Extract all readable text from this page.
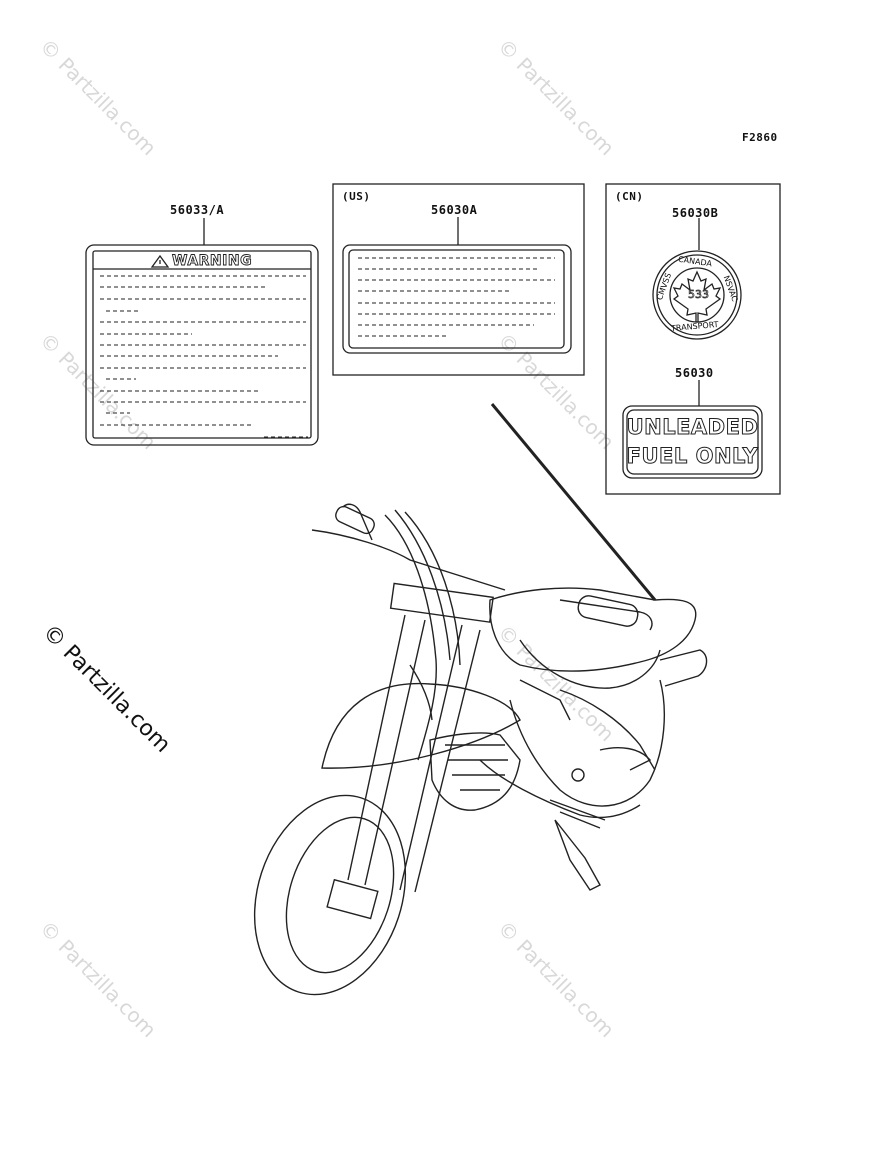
© Partzilla.com	© Partzilla.com
© Partzilla.com	© Partzilla.com
© Partzilla.com
© Partzilla.com	© Partzilla.com
© Partzilla.com
F2860
56033/A
WARNING
(US)
56030A
(CN)
56030B
CANADA
CMVSS	NSVAC
TRANSPORT
533
56030
UNLEADED
FUEL ONLY
